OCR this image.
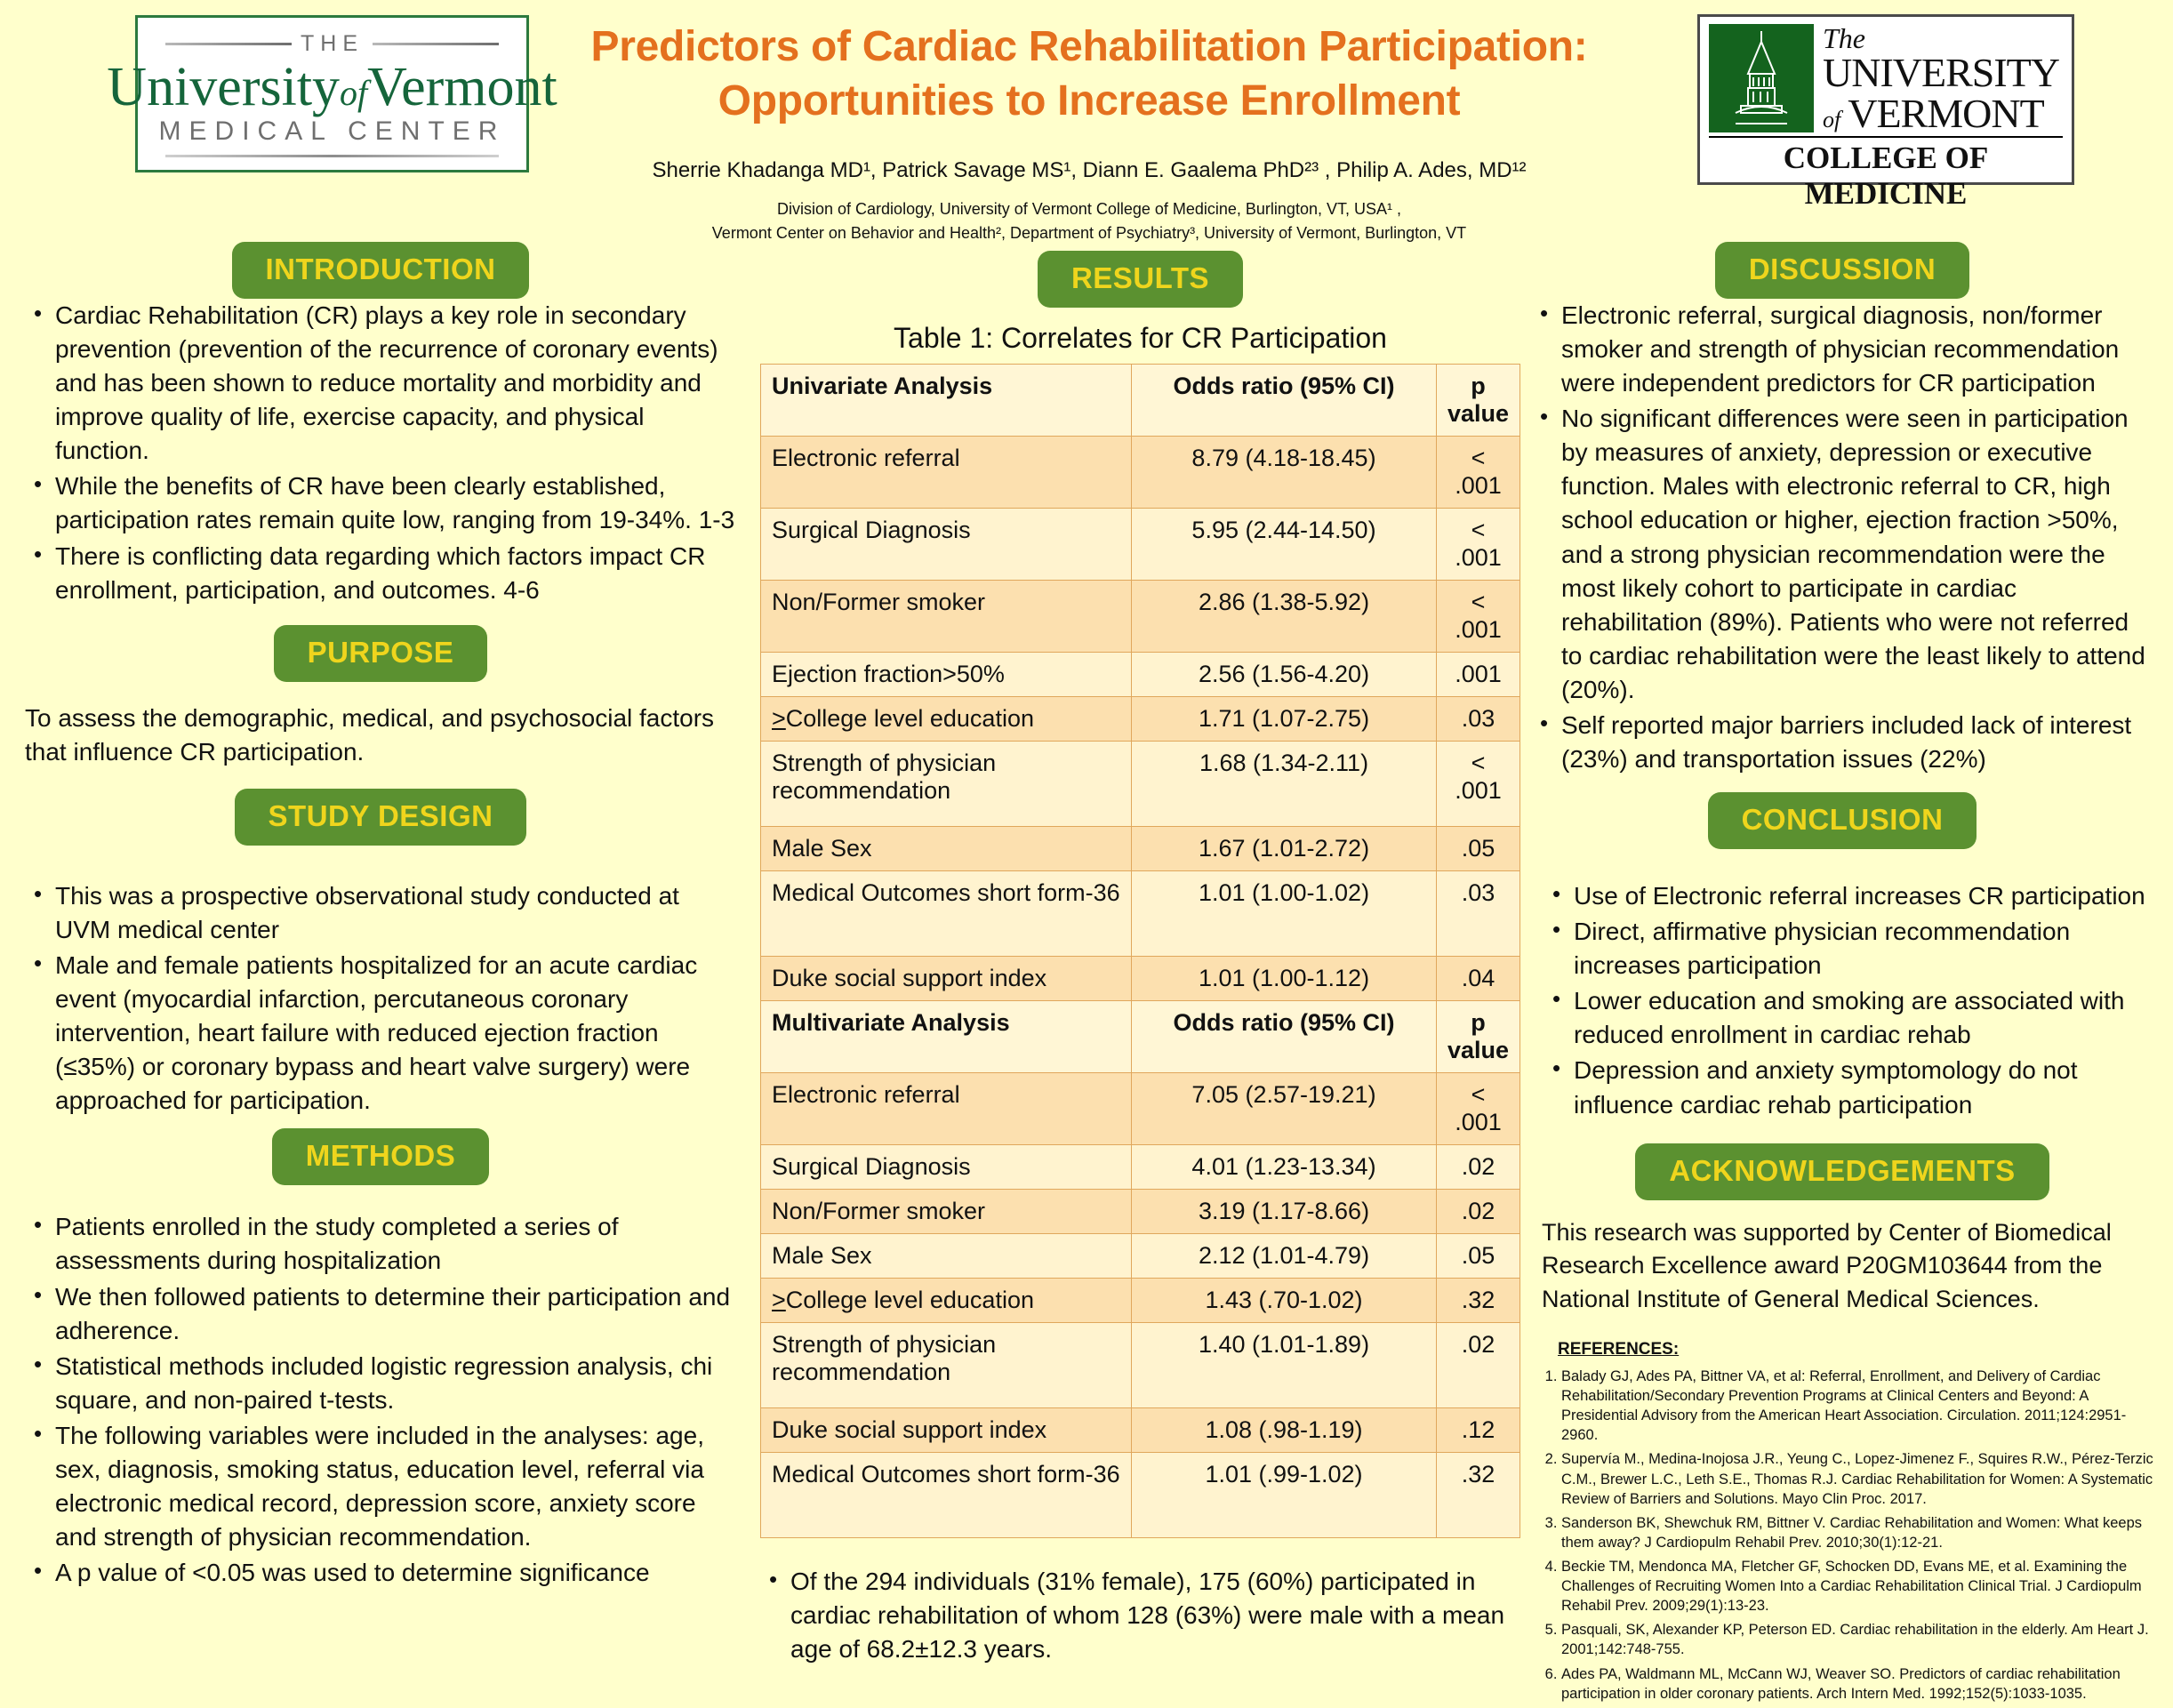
THE
UniversityofVermont
MEDICAL CENTER
Predictors of Cardiac Rehabilitation Participation:
Opportunities to Increase Enrollment
Sherrie Khadanga MD¹, Patrick Savage MS¹, Diann E. Gaalema PhD²³ , Philip A. Ades, MD¹²
Division of Cardiology, University of Vermont College of Medicine, Burlington, VT, USA¹ ,
Vermont Center on Behavior and Health², Department of Psychiatry³, University of Vermont, Burlington, VT
The
UNIVERSITY
of VERMONT
COLLEGE OF MEDICINE
INTRODUCTION
• Cardiac Rehabilitation (CR) plays a key role in secondary prevention (prevention of the recurrence of coronary events) and has been shown to reduce mortality and morbidity and improve quality of life, exercise capacity, and physical function.
• While the benefits of CR have been clearly established, participation rates remain quite low, ranging from 19-34%. 1-3
• There is conflicting data regarding which factors impact CR enrollment, participation, and outcomes. 4-6
PURPOSE

To assess the demographic, medical, and psychosocial factors that influence CR participation.

STUDY DESIGN
• This was a prospective observational study conducted at UVM medical center
• Male and female patients hospitalized for an acute cardiac event (myocardial infarction, percutaneous coronary intervention, heart failure with reduced ejection fraction (≤35%) or coronary bypass and heart valve surgery) were approached for participation.
METHODS
• Patients enrolled in the study completed a series of assessments during hospitalization
• We then followed patients to determine their participation and adherence.
• Statistical methods included logistic regression analysis, chi square, and non-paired t-tests.
• The following variables were included in the analyses: age, sex, diagnosis, smoking status, education level, referral via electronic medical record, depression score, anxiety score and strength of physician recommendation.
• A p value of <0.05 was used to determine significance
RESULTS
Table 1: Correlates for CR Participation
Univariate Analysis	Odds ratio (95% CI)	p value
Electronic referral	8.79 (4.18-18.45)	< .001
Surgical Diagnosis	5.95 (2.44-14.50)	< .001
Non/Former smoker	2.86 (1.38-5.92)	< .001
Ejection fraction>50%	2.56 (1.56-4.20)	.001
>College level education	1.71 (1.07-2.75)	.03
Strength of physician recommendation	1.68 (1.34-2.11)	< .001
Male Sex	1.67 (1.01-2.72)	.05
Medical Outcomes short form-36	1.01 (1.00-1.02)	.03
Duke social support index	1.01 (1.00-1.12)	.04
Multivariate Analysis	Odds ratio (95% CI)	p value
Electronic referral	7.05 (2.57-19.21)	< .001
Surgical Diagnosis	4.01 (1.23-13.34)	.02
Non/Former smoker	3.19 (1.17-8.66)	.02
Male Sex	2.12 (1.01-4.79)	.05
>College level education	1.43 (.70-1.02)	.32
Strength of physician recommendation	1.40 (1.01-1.89)	.02
Duke social support index	1.08 (.98-1.19)	.12
Medical Outcomes short form-36	1.01 (.99-1.02)	.32
• Of the 294 individuals (31% female), 175 (60%) participated in cardiac rehabilitation of whom 128 (63%) were male with a mean age of 68.2±12.3 years.
DISCUSSION
• Electronic referral, surgical diagnosis, non/former smoker and strength of physician recommendation were independent predictors for CR participation
• No significant differences were seen in participation by measures of anxiety, depression or executive function. Males with electronic referral to CR, high school education or higher, ejection fraction >50%, and a strong physician recommendation were the most likely cohort to participate in cardiac rehabilitation (89%). Patients who were not referred to cardiac rehabilitation were the least likely to attend (20%).
• Self reported major barriers included lack of interest (23%) and transportation issues (22%)
CONCLUSION
• Use of Electronic referral increases CR participation
• Direct, affirmative physician recommendation increases participation
• Lower education and smoking are associated with reduced enrollment in cardiac rehab
• Depression and anxiety symptomology do not influence cardiac rehab participation
ACKNOWLEDGEMENTS

This research was supported by Center of Biomedical Research Excellence award P20GM103644 from the National Institute of General Medical Sciences.

REFERENCES:
1. Balady GJ, Ades PA, Bittner VA, et al: Referral, Enrollment, and Delivery of Cardiac Rehabilitation/Secondary Prevention Programs at Clinical Centers and Beyond: A Presidential Advisory from the American Heart Association. Circulation. 2011;124:2951-2960.
2. Supervía M., Medina-Inojosa J.R., Yeung C., Lopez-Jimenez F., Squires R.W., Pérez-Terzic C.M., Brewer L.C., Leth S.E., Thomas R.J. Cardiac Rehabilitation for Women: A Systematic Review of Barriers and Solutions. Mayo Clin Proc. 2017.
3. Sanderson BK, Shewchuk RM, Bittner V. Cardiac Rehabilitation and Women: What keeps them away? J Cardiopulm Rehabil Prev. 2010;30(1):12-21.
4. Beckie TM, Mendonca MA, Fletcher GF, Schocken DD, Evans ME, et al. Examining the Challenges of Recruiting Women Into a Cardiac Rehabilitation Clinical Trial. J Cardiopulm Rehabil Prev. 2009;29(1):13-23.
5. Pasquali, SK, Alexander KP, Peterson ED. Cardiac rehabilitation in the elderly. Am Heart J. 2001;142:748-755.
6. Ades PA, Waldmann ML, McCann WJ, Weaver SO. Predictors of cardiac rehabilitation participation in older coronary patients. Arch Intern Med. 1992;152(5):1033-1035.
